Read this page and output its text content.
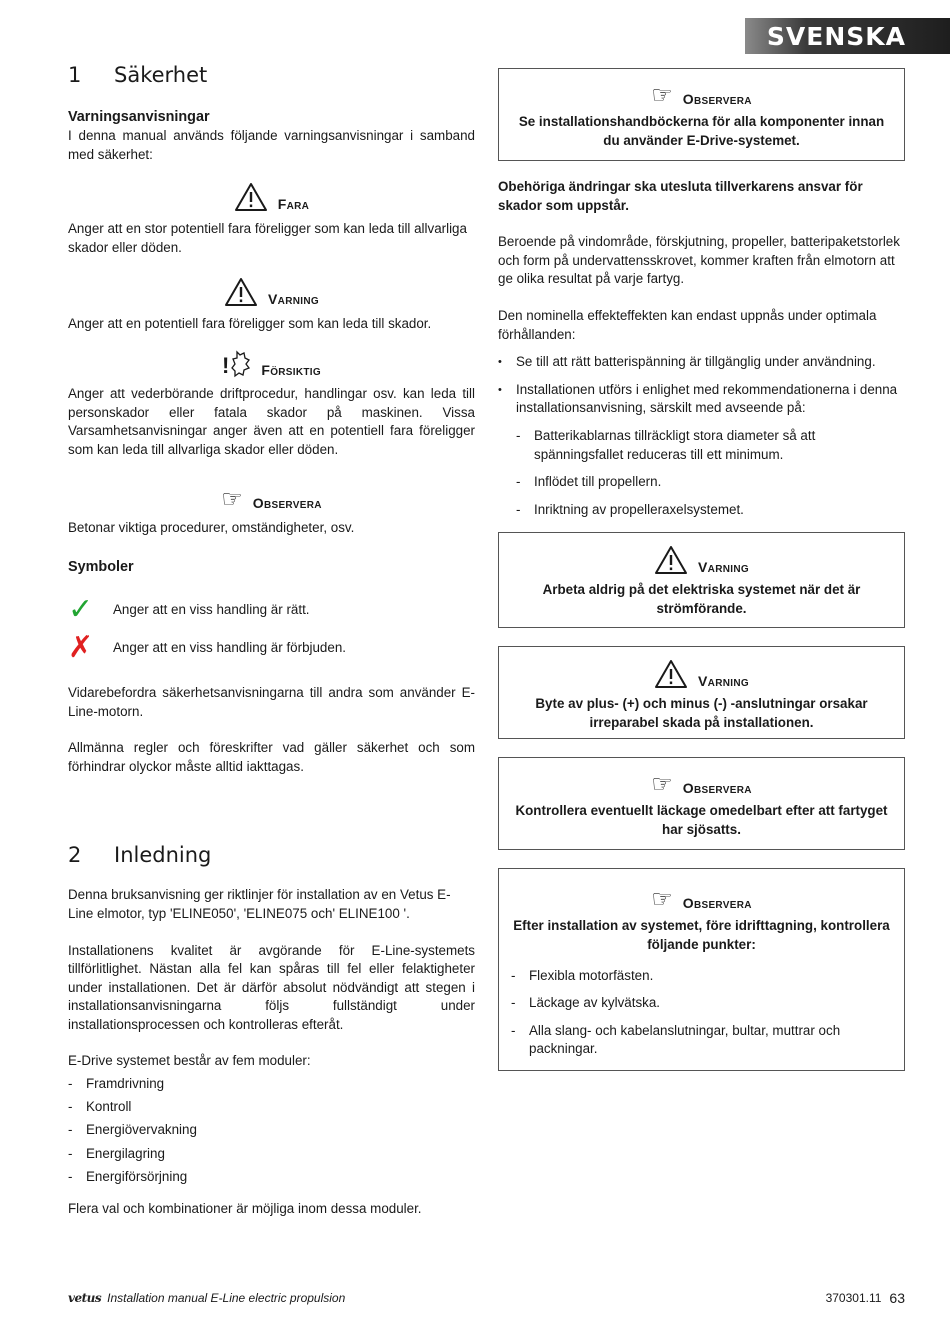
SVENSKA
1	Säkerhet
Varningsanvisningar

I denna manual används följande varningsanvisningar i samband med säkerhet:

Fara

Anger att en stor potentiell fara föreligger som kan leda till allvarliga skador eller döden.

Varning

Anger att en potentiell fara föreligger som kan leda till skador.

! Försiktig

Anger att vederbörande driftprocedur, handlingar osv. kan leda till personskador eller fatala skador på maskinen. Vissa Varsamhetsanvisningar anger även att en potentiell fara föreligger som kan leda till allvarliga skador eller döden.

☞ Observera

Betonar viktiga procedurer, omständigheter, osv.

Symboler
✓	Anger att en viss handling är rätt.
✗	Anger att en viss handling är förbjuden.

Vidarebefordra säkerhetsanvisningarna till andra som använder E-Line-motorn.

Allmänna regler och föreskrifter vad gäller säkerhet och som förhindrar olyckor måste alltid iakttagas.

2	Inledning

Denna bruksanvisning ger riktlinjer för installation av en Vetus E-Line elmotor, typ 'ELINE050', 'ELINE075 och' ELINE100 '.

Installationens kvalitet är avgörande för E-Line-systemets tillförlitlighet. Nästan alla fel kan spåras till fel eller felaktigheter under installationen. Det är därför absolut nödvändigt att stegen i installationsanvisningarna följs fullständigt under installationsprocessen och kontrolleras efteråt.

E-Drive systemet består av fem moduler:

- Framdrivning
- Kontroll
- Energiövervakning
- Energilagring
- Energiförsörjning

Flera val och kombinationer är möjliga inom dessa moduler.

☞ Observera

Se installationshandböckerna för alla komponenter innan du använder E-Drive-systemet.

Obehöriga ändringar ska utesluta tillverkarens ansvar för skador som uppstår.

Beroende på vindområde, förskjutning, propeller, batteripaketstorlek och form på undervattensskrovet, kommer kraften från elmotorn att ge olika resultat på varje fartyg.

Den nominella effekteffekten kan endast uppnås under optimala förhållanden:

• Se till att rätt batterispänning är tillgänglig under användning.
• Installationen utförs i enlighet med rekommendationerna i denna installationsanvisning, särskilt med avseende på:
- Batterikablarnas tillräckligt stora diameter så att spänningsfallet reduceras till ett minimum.
- Inflödet till propellern.
- Inriktning av propelleraxelsystemet.
Varning

Arbeta aldrig på det elektriska systemet när det är strömförande.

Varning

Byte av plus- (+) och minus (-) -anslutningar orsakar irreparabel skada på installationen.

☞ Observera

Kontrollera eventuellt läckage omedelbart efter att fartyget har sjösatts.

☞ Observera

Efter installation av systemet, före idrifttagning, kontrollera följande punkter:

- Flexibla motorfästen.
- Läckage av kylvätska.
- Alla slang- och kabelanslutningar, bultar, muttrar och packningar.
vetus Installation manual E-Line electric propulsion	370301.11 63
